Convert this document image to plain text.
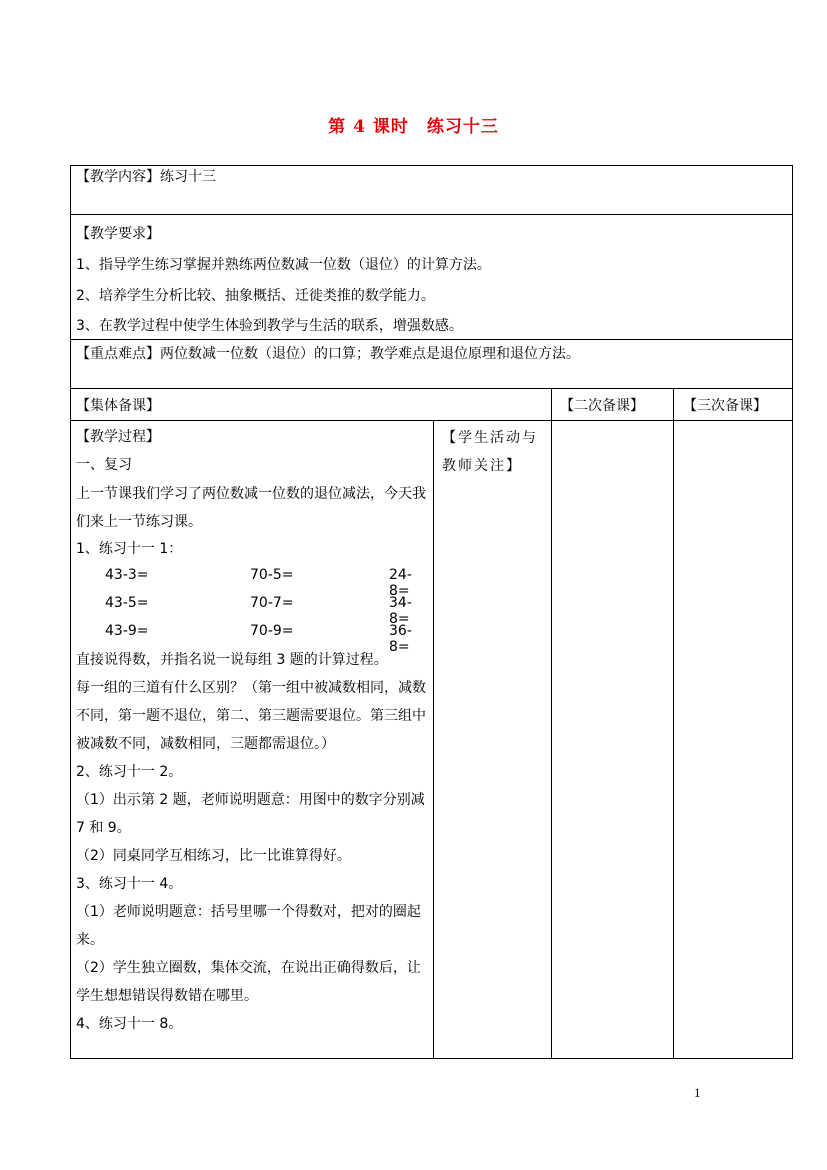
第 4 课时 练习十三
【教学内容】练习十三
【教学要求】
1、指导学生练习掌握并熟练两位数减一位数（退位）的计算方法。
2、培养学生分析比较、抽象概括、迁徙类推的数学能力。
3、在教学过程中使学生体验到教学与生活的联系，增强数感。
【重点难点】两位数减一位数（退位）的口算；教学难点是退位原理和退位方法。
【集体备课】	【二次备课】	【三次备课】

【学生活动与教师关注】

【教学过程】
一、复习

上一节课我们学习了两位数减一位数的退位减法，今天我们来上一节练习课。

1、练习十一 1：
43-3=	70-5=	24-8=
43-5=	70-7=	34-8=
43-9=	70-9=	36-8=

直接说得数，并指名说一说每组 3 题的计算过程。

每一组的三道有什么区别？（第一组中被减数相同，减数不同，第一题不退位，第二、第三题需要退位。第三组中被减数不同，减数相同，三题都需退位。）

2、练习十一 2。

（1）出示第 2 题，老师说明题意：用图中的数字分别减 7 和 9。

（2）同桌同学互相练习，比一比谁算得好。

3、练习十一 4。

（1）老师说明题意：括号里哪一个得数对，把对的圈起来。

（2）学生独立圈数，集体交流，在说出正确得数后，让学生想想错误得数错在哪里。

4、练习十一 8。

1
